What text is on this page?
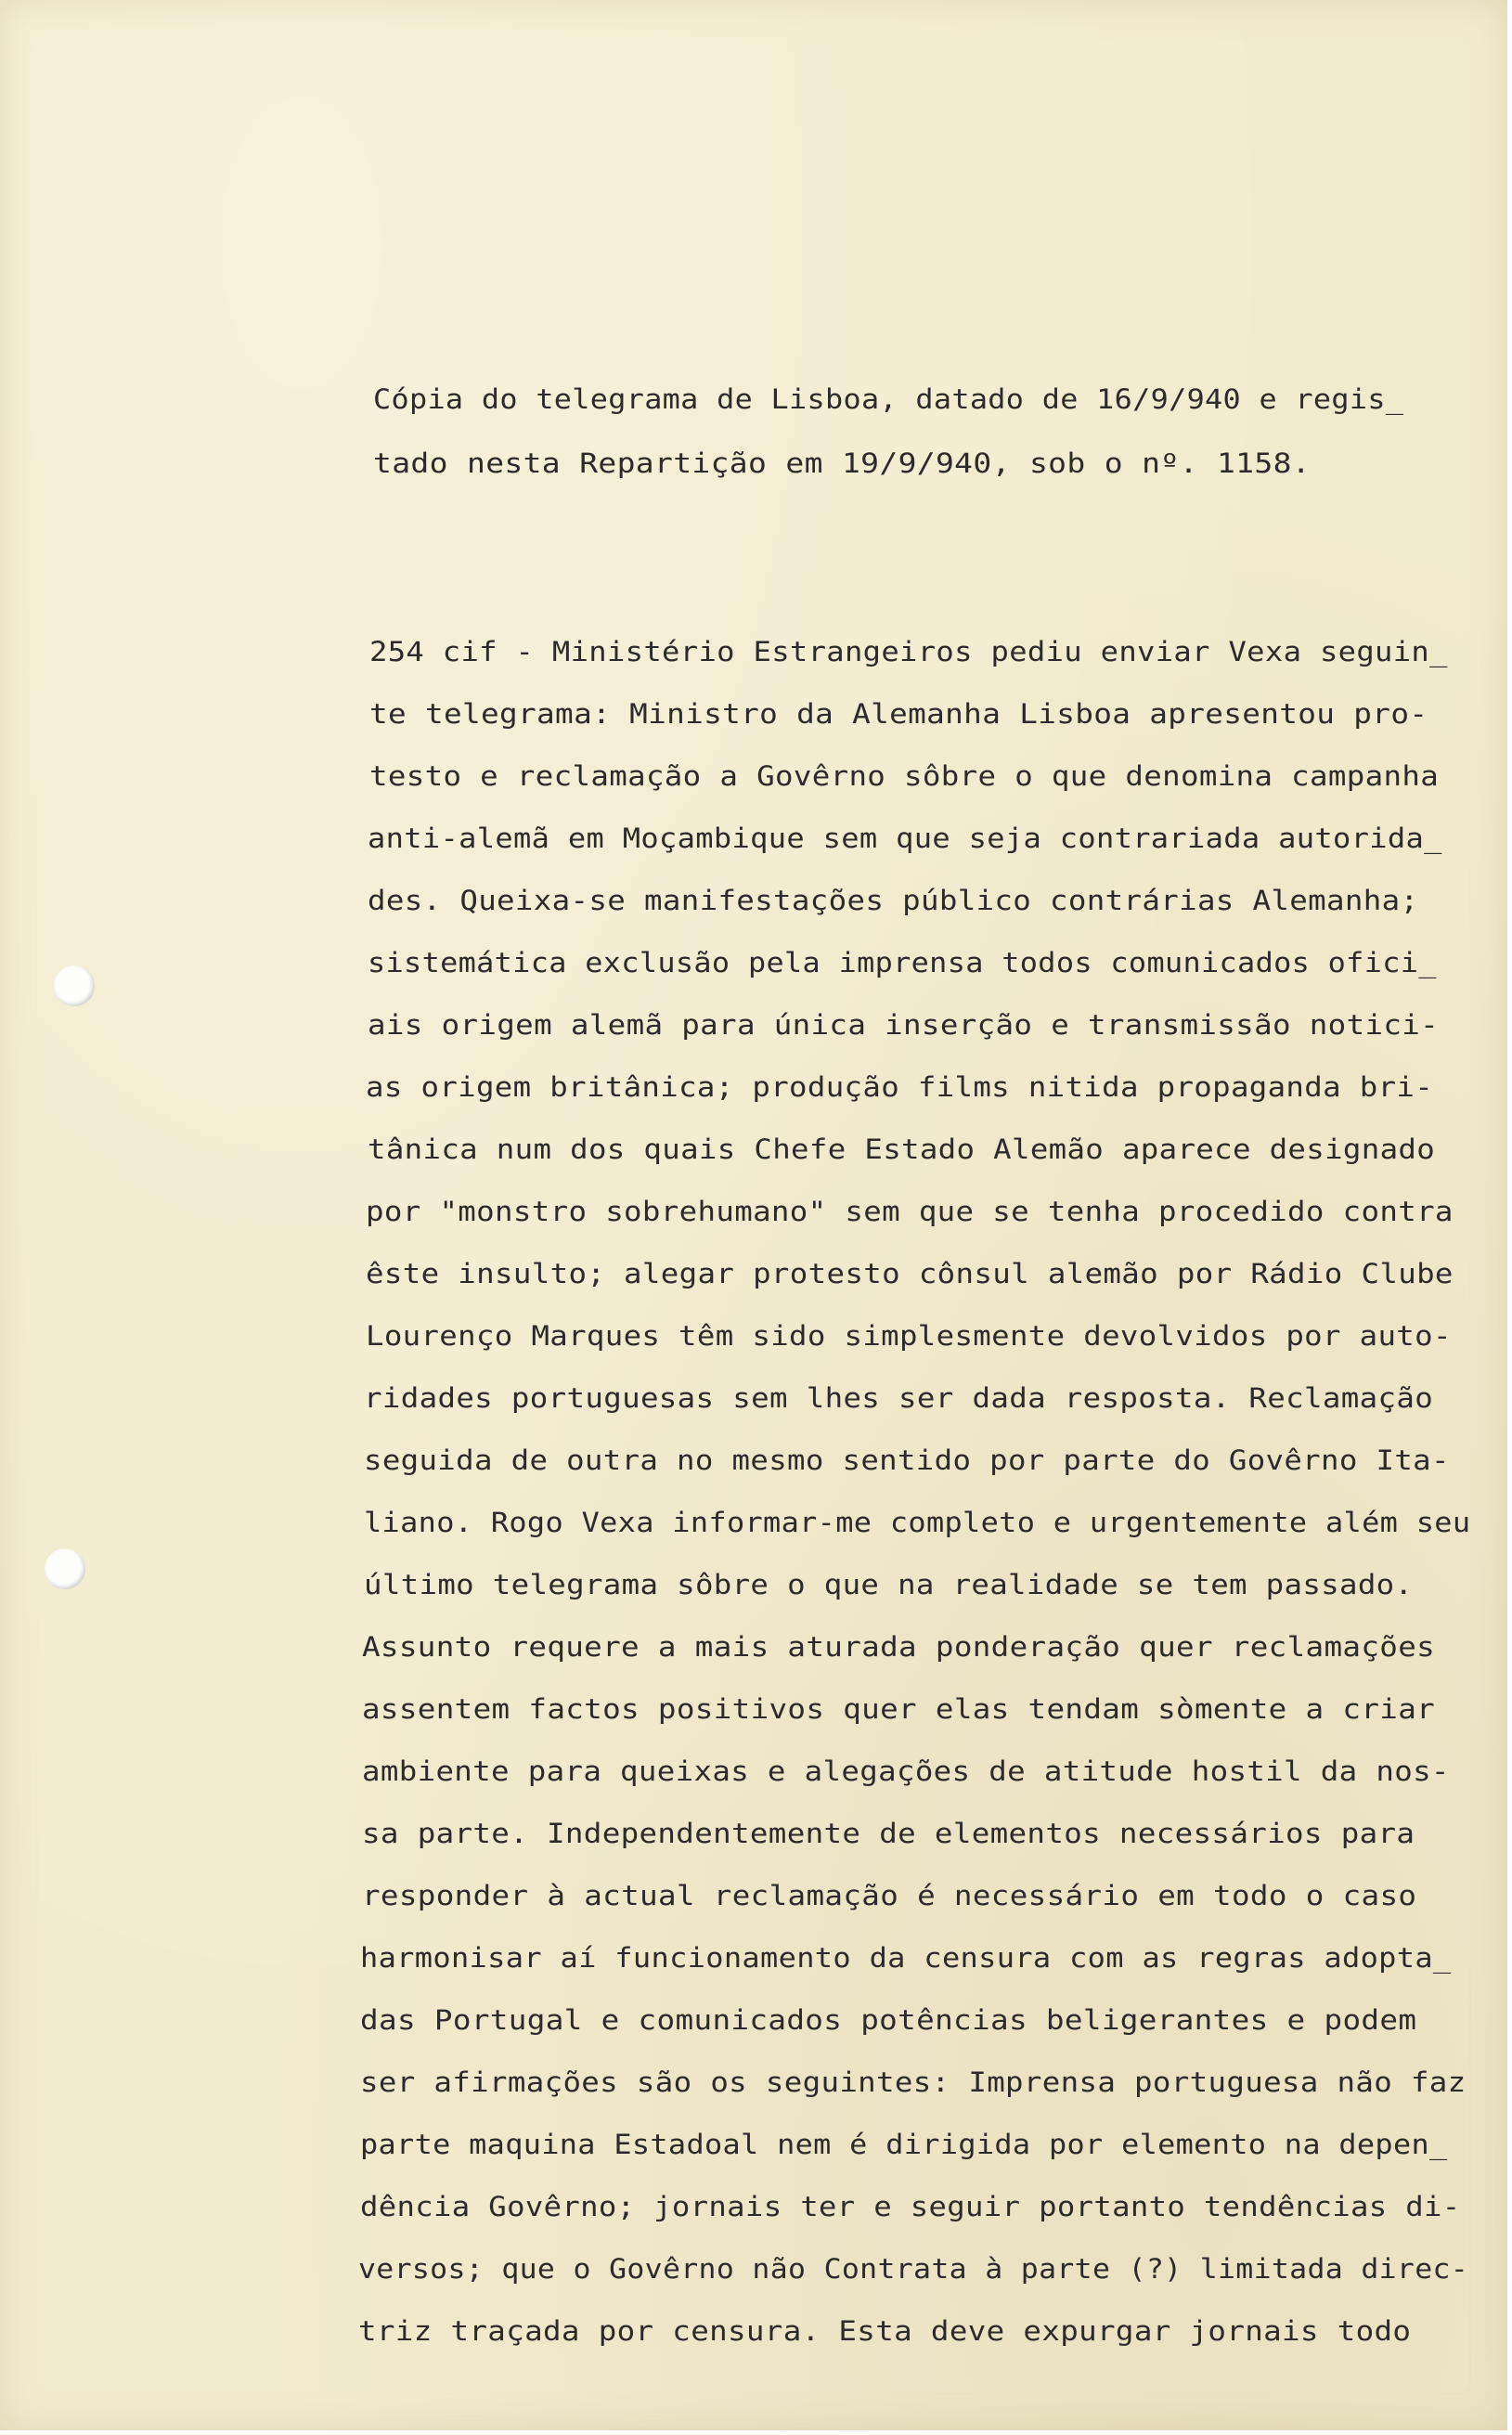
Cópia do telegrama de Lisboa, datado de 16/9/940 e regis_
tado nesta Repartição em 19/9/940, sob o nº. 1158.
254 cif - Ministério Estrangeiros pediu enviar Vexa seguin_
te telegrama: Ministro da Alemanha Lisboa apresentou pro-
testo e reclamação a Govêrno sôbre o que denomina campanha
anti-alemã em Moçambique sem que seja contrariada autorida_
des. Queixa-se manifestações público contrárias Alemanha;
sistemática exclusão pela imprensa todos comunicados ofici_
ais origem alemã para única inserção e transmissão notici-
as origem britânica; produção films nitida propaganda bri-
tânica num dos quais Chefe Estado Alemão aparece designado
por "monstro sobrehumano" sem que se tenha procedido contra
êste insulto; alegar protesto cônsul alemão por Rádio Clube
Lourenço Marques têm sido simplesmente devolvidos por auto-
ridades portuguesas sem lhes ser dada resposta. Reclamação
seguida de outra no mesmo sentido por parte do Govêrno Ita-
liano. Rogo Vexa informar-me completo e urgentemente além seu
último telegrama sôbre o que na realidade se tem passado.
Assunto requere a mais aturada ponderação quer reclamações
assentem factos positivos quer elas tendam sòmente a criar
ambiente para queixas e alegações de atitude hostil da nos-
sa parte. Independentemente de elementos necessários para
responder à actual reclamação é necessário em todo o caso
harmonisar aí funcionamento da censura com as regras adopta_
das Portugal e comunicados potências beligerantes e podem
ser afirmações são os seguintes: Imprensa portuguesa não faz
parte maquina Estadoal nem é dirigida por elemento na depen_
dência Govêrno; jornais ter e seguir portanto tendências di-
versos; que o Govêrno não Contrata à parte (?) limitada direc-
triz traçada por censura. Esta deve expurgar jornais todo
